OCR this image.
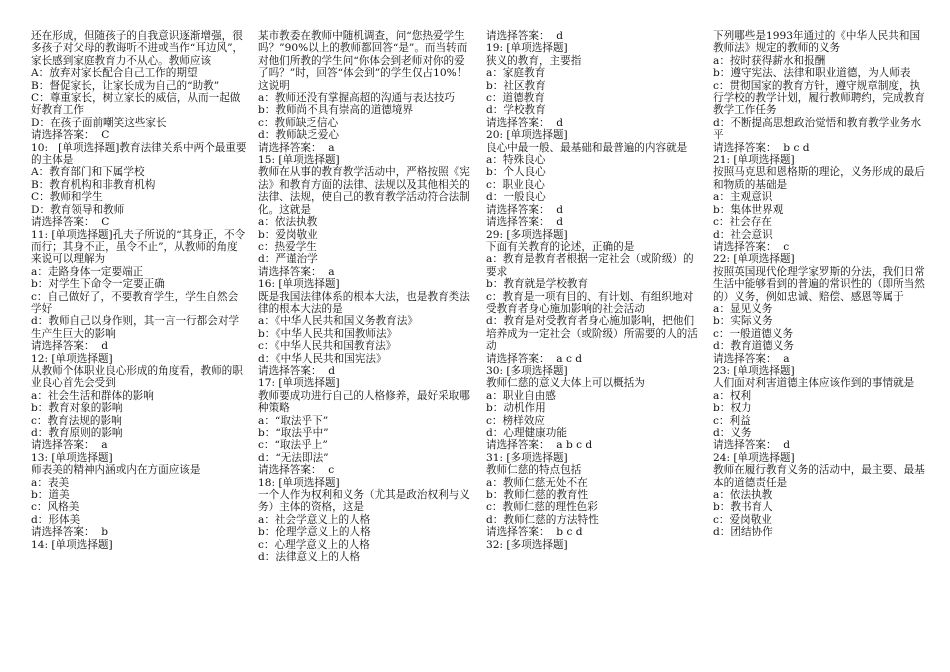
还在形成，但随孩子的自我意识逐渐增强，很多孩子对父母的教诲听不进或当作“耳边风”，家长感到家庭教育力不从心。教师应该
A：放弃对家长配合自己工作的期望
B：督促家长，让家长成为自己的“助教”
C：尊重家长，树立家长的威信，从而一起做好教育工作
D：在孩子面前嘲笑这些家长
请选择答案：  C
10:   [单项选择题]教育法律关系中两个最重要的主体是
A：教育部门和下属学校
B：教育机构和非教育机构
C：教师和学生
D：教育领导和教师
请选择答案：  C
11: [单项选择题]孔夫子所说的“其身正，不令而行；其身不正，虽令不止”，从教师的角度来说可以理解为
a：走路身体一定要端正
b：对学生下命令一定要正确
c：自己做好了，不要教育学生，学生自然会学好
d：教师自己以身作则，其一言一行都会对学生产生巨大的影响
请选择答案：  d
12: [单项选择题]
从教师个体职业良心形成的角度看，教师的职业良心首先会受到
a：社会生活和群体的影响
b：教育对象的影响
c：教育法规的影响
d：教育原则的影响
请选择答案：  a
13: [单项选择题]
师表美的精神内涵或内在方面应该是
a：表美
b：道美
c：风格美
d：形体美
请选择答案：  b
14: [单项选择题]
某市教委在教师中随机调查，问“您热爱学生吗？”90%以上的教师都回答“是”。而当转而对他们所教的学生问“你体会到老师对你的爱了吗？”时，回答“体会到”的学生仅占10%！这说明
a：教师还没有掌握高超的沟通与表达技巧
b：教师尚不具有崇高的道德境界
c：教师缺乏信心
d：教师缺乏爱心
请选择答案：  a
15: [单项选择题]
教师在从事的教育教学活动中，严格按照《宪法》和教育方面的法律、法规以及其他相关的法律、法规，使自己的教育教学活动符合法制化。这就是
a：依法执教
b：爱岗敬业
c：热爱学生
d：严谨治学
请选择答案：  a
16: [单项选择题]
既是我国法律体系的根本大法，也是教育类法律的根本大法的是
a：《中华人民共和国义务教育法》
b：《中华人民共和国教师法》
c：《中华人民共和国教育法》
d：《中华人民共和国宪法》
请选择答案：  d
17: [单项选择题]
教师要成功进行自己的人格修养，最好采取哪种策略
a：“取法乎下”
b：“取法乎中”
c：“取法乎上”
d：“无法即法”
请选择答案：  c
18: [单项选择题]
一个人作为权利和义务（尤其是政治权利与义务）主体的资格，这是
a：社会学意义上的人格
b：伦理学意义上的人格
c：心理学意义上的人格
d：法律意义上的人格
请选择答案：  d
19: [单项选择题]
狭义的教育，主要指
a：家庭教育
b：社区教育
c：道德教育
d：学校教育
请选择答案：  d
20: [单项选择题]
良心中最一般、最基础和最普遍的内容就是
a：特殊良心
b：个人良心
c：职业良心
d：一般良心
请选择答案：  d
请选择答案：  d
29: [多项选择题]
下面有关教育的论述，正确的是
a：教育是教育者根据一定社会（或阶级）的要求
b：教育就是学校教育
c：教育是一项有目的、有计划、有组织地对受教育者身心施加影响的社会活动
d：教育是对受教育者身心施加影响，把他们培养成为一定社会（或阶级）所需要的人的活动
请选择答案：  a c d
30: [多项选择题]
教师仁慈的意义大体上可以概括为
a：职业自由感
b：动机作用
c：榜样效应
d：心理健康功能
请选择答案：  a b c d
31: [多项选择题]
教师仁慈的特点包括
a：教师仁慈无处不在
b：教师仁慈的教育性
c：教师仁慈的理性色彩
d：教师仁慈的方法特性
请选择答案：  b c d
32: [多项选择题]
下列哪些是1993年通过的《中华人民共和国教师法》规定的教师的义务
a：按时获得薪水和报酬
b：遵守宪法、法律和职业道德，为人师表
c：贯彻国家的教育方针，遵守规章制度，执行学校的教学计划，履行教师聘约，完成教育教学工作任务
d：不断提高思想政治觉悟和教育教学业务水平
请选择答案：  b c d
21: [单项选择题]
按照马克思和恩格斯的理论，义务形成的最后和物质的基础是
a：主观意识
b：集体世界观
c：社会存在
d：社会意识
请选择答案：  c
22: [单项选择题]
按照英国现代伦理学家罗斯的分法，我们日常生活中能够看到的普遍的常识性的（即所当然的）义务，例如忠诚、赔偿、感恩等属于
a：显见义务
b：实际义务
c：一般道德义务
d：教育道德义务
请选择答案：  a
23: [单项选择题]
人们面对利害道德主体应该作到的事情就是
a：权利
b：权力
c：利益
d：义务
请选择答案：  d
24: [单项选择题]
教师在履行教育义务的活动中，最主要、最基本的道德责任是
a：依法执教
b：教书育人
c：爱岗敬业
d：团结协作
